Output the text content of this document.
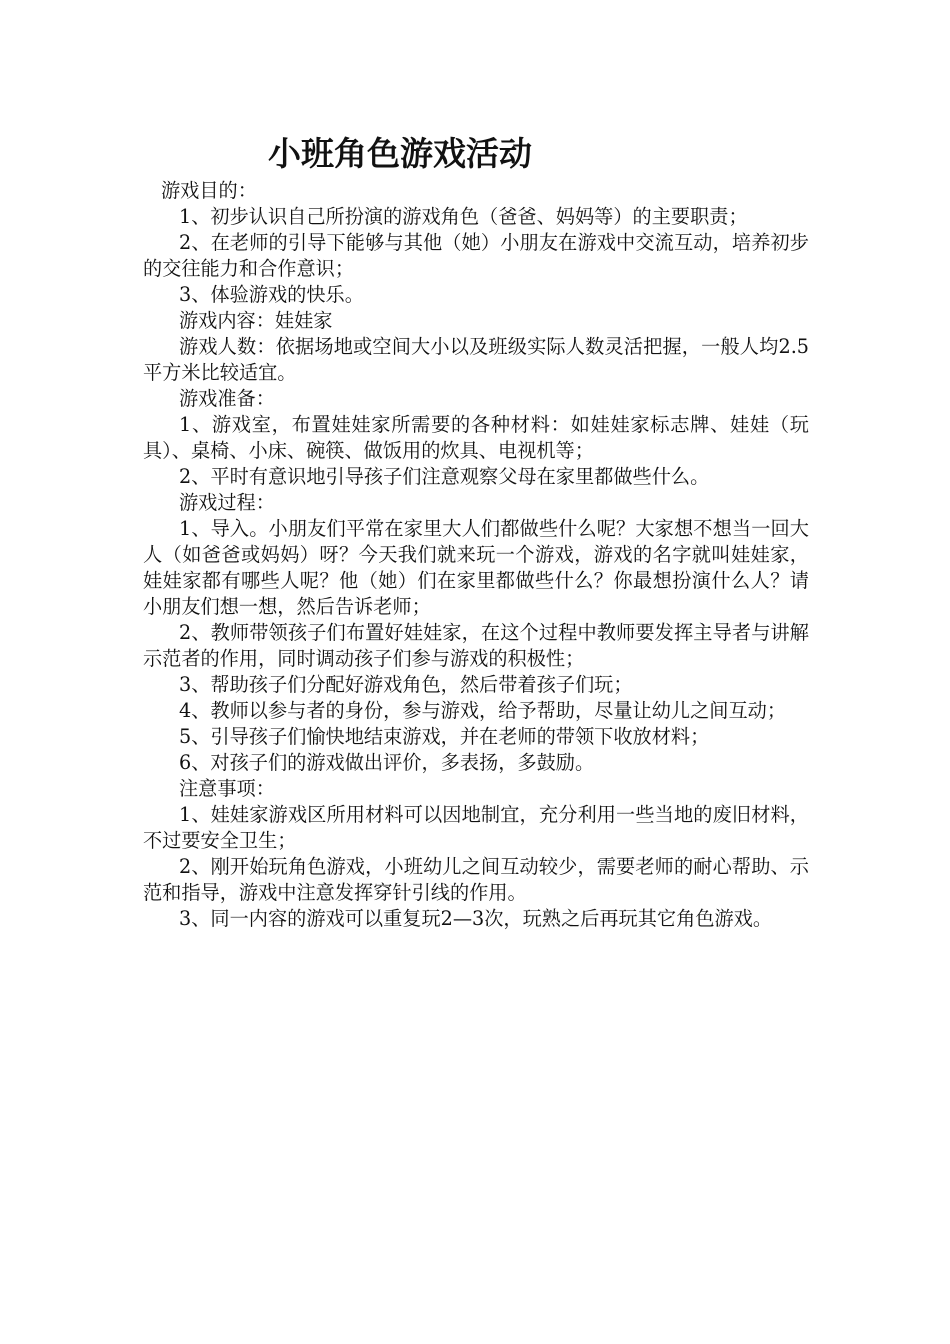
小班角色游戏活动

游戏目的：

1、初步认识自己所扮演的游戏角色（爸爸、妈妈等）的主要职责；

2、在老师的引导下能够与其他（她）小朋友在游戏中交流互动，培养初步的交往能力和合作意识；

3、体验游戏的快乐。

游戏内容：娃娃家

游戏人数：依据场地或空间大小以及班级实际人数灵活把握，一般人均2.5平方米比较适宜。

游戏准备：

1、游戏室，布置娃娃家所需要的各种材料：如娃娃家标志牌、娃娃（玩具）、桌椅、小床、碗筷、做饭用的炊具、电视机等；

2、平时有意识地引导孩子们注意观察父母在家里都做些什么。

游戏过程：

1、导入。小朋友们平常在家里大人们都做些什么呢？大家想不想当一回大人（如爸爸或妈妈）呀？今天我们就来玩一个游戏，游戏的名字就叫娃娃家，娃娃家都有哪些人呢？他（她）们在家里都做些什么？你最想扮演什么人？请小朋友们想一想，然后告诉老师；

2、教师带领孩子们布置好娃娃家，在这个过程中教师要发挥主导者与讲解示范者的作用，同时调动孩子们参与游戏的积极性；

3、帮助孩子们分配好游戏角色，然后带着孩子们玩；

4、教师以参与者的身份，参与游戏，给予帮助，尽量让幼儿之间互动；

5、引导孩子们愉快地结束游戏，并在老师的带领下收放材料；

6、对孩子们的游戏做出评价，多表扬，多鼓励。

注意事项：

1、娃娃家游戏区所用材料可以因地制宜，充分利用一些当地的废旧材料，不过要安全卫生；

2、刚开始玩角色游戏，小班幼儿之间互动较少，需要老师的耐心帮助、示范和指导，游戏中注意发挥穿针引线的作用。

3、同一内容的游戏可以重复玩2—3次，玩熟之后再玩其它角色游戏。
